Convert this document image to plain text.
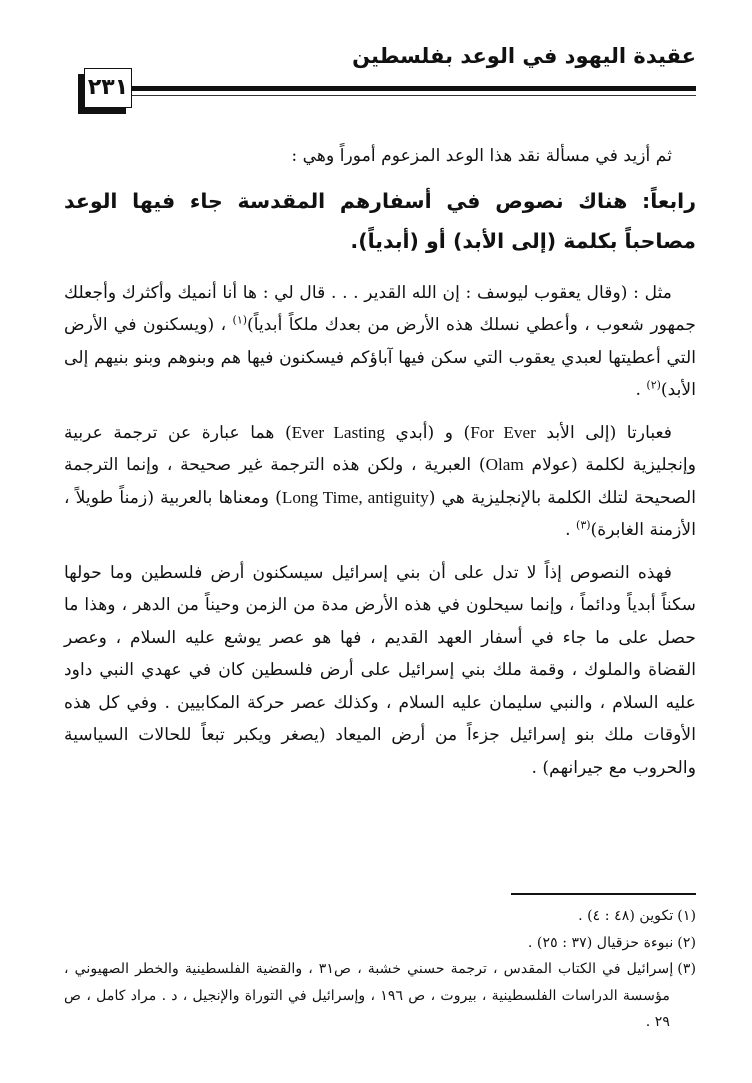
عقيدة اليهود في الوعد بفلسطين
٢٣١

ثم أزيد في مسألة نقد هذا الوعد المزعوم أموراً وهي :

رابعاً: هناك نصوص في أسفارهم المقدسة جاء فيها الوعد مصاحباً بكلمة (إلى الأبد) أو (أبدياً).

مثل : (وقال يعقوب ليوسف : إن الله القدير . . . قال لي : ها أنا أنميك وأكثرك وأجعلك جمهور شعوب ، وأعطي نسلك هذه الأرض من بعدك ملكاً أبدياً)$^{(١)}$ ، (ويسكنون في الأرض التي أعطيتها لعبدي يعقوب التي سكن فيها آباؤكم فيسكنون فيها هم وبنوهم وبنو بنيهم إلى الأبد)$^{(٢)}$ .

فعبارتا (إلى الأبد For Ever) و (أبدي Ever Lasting) هما عبارة عن ترجمة عربية وإنجليزية لكلمة (عولام Olam) العبرية ، ولكن هذه الترجمة غير صحيحة ، وإنما الترجمة الصحيحة لتلك الكلمة بالإنجليزية هي (Long Time, antiguity) ومعناها بالعربية (زمناً طويلاً ، الأزمنة الغابرة)$^{(٣)}$ .

فهذه النصوص إذاً لا تدل على أن بني إسرائيل سيسكنون أرض فلسطين وما حولها سكناً أبدياً ودائماً ، وإنما سيحلون في هذه الأرض مدة من الزمن وحيناً من الدهر ، وهذا ما حصل على ما جاء في أسفار العهد القديم ، فها هو عصر يوشع عليه السلام ، وعصر القضاة والملوك ، وقمة ملك بني إسرائيل على أرض فلسطين كان في عهدي النبي داود عليه السلام ، والنبي سليمان عليه السلام ، وكذلك عصر حركة المكابيين . وفي كل هذه الأوقات ملك بنو إسرائيل جزءاً من أرض الميعاد (يصغر ويكبر تبعاً للحالات السياسية والحروب مع جيرانهم) .

(١)تكوين (٤٨ : ٤) .

(٢)نبوءة حزقيال (٣٧ : ٢٥) .

(٣)إسرائيل في الكتاب المقدس ، ترجمة حسني خشبة ، ص٣١ ، والقضية الفلسطينية والخطر الصهيوني ، مؤسسة الدراسات الفلسطينية ، بيروت ، ص ١٩٦ ، وإسرائيل في التوراة والإنجيل ، د . مراد كامل ، ص ٢٩ .
